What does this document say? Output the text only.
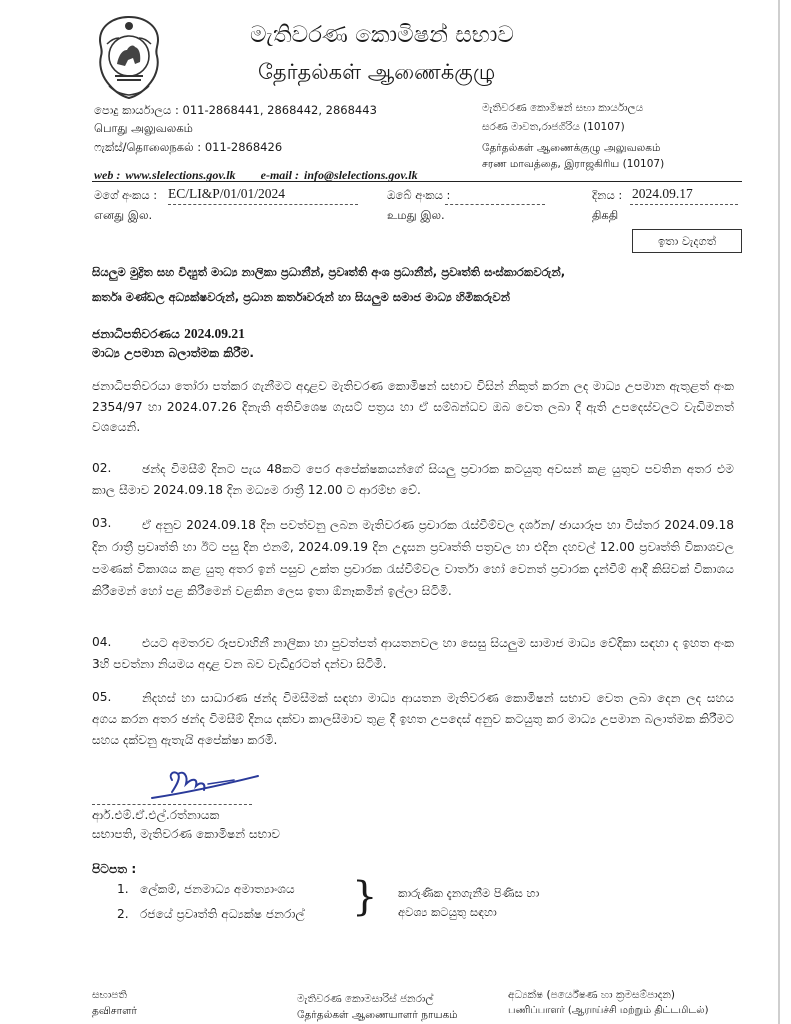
මැතිවරණ කොමිෂන් සභාව
தேர்தல்கள் ஆணைக்குழு
පොදු කාර්යාලය : 011-2868441, 2868442, 2868443
பொது அலுவலகம்
ෆැක්ස්/தொலைநகல் : 011-2868426
web : www.slelections.gov.lk e-mail : info@slelections.gov.lk
මැතිවරණ කොමිෂන් සභා කාර්යාලය
සරණ මාවත,රාජගිරිය (10107)
தேர்தல்கள் ஆணைக்குழு அலுவலகம்
சரண மாவத்தை, இராஜகிரிய (10107)
මගේ අංකය : EC/LI&P/01/01/2024
எனது இல.
ඔබේ අංකය :
உமது இல.
දිනය : 2024.09.17
திகதி
ඉතා වැදගත්
සියලුම මුද්‍රිත සහ විද්‍යුත් මාධ්‍ය නාලිකා ප්‍රධානීන්, ප්‍රවෘත්ති අංශ ප්‍රධානීන්, ප්‍රවෘත්ති සංස්කාරකවරුන්,
කර්තෘ මණ්ඩල අධ්‍යක්ෂවරුන්, ප්‍රධාන කර්තෘවරුන් හා සියලුම සමාජ මාධ්‍ය හිමිකරුවන්
ජනාධිපතිවරණය 2024.09.21
මාධ්‍ය උපමාන බලාත්මක කිරීම.
ජනාධිපතිවරයා තෝරා පත්කර ගැනීමට අදාළව මැතිවරණ කොමිෂන් සභාව විසින් නිකුත් කරන ලද මාධ්‍ය උපමාන ඇතුළත් අංක 2354/97 හා 2024.07.26 දිනැති අතිවිශෙෂ ගැසට් පත්‍රය හා ඒ සම්බන්ධව ඔබ වෙත ලබා දී ඇති උපදෙස්වලට වැඩිමනත් වශයෙනි.
02.	ඡන්ද විමසීම් දිනට පැය 48කට පෙර අපේක්ෂකයන්ගේ සියලු ප්‍රචාරක කටයුතු අවසන් කළ යුතුව පවතින අතර එම කාල සීමාව 2024.09.18 දින මධ්‍යම රාත්‍රී 12.00 ට ආරම්භ වේ.
03.	ඒ අනුව 2024.09.18 දින පවත්වනු ලබන මැතිවරණ ප්‍රචාරක රැස්වීම්වල දර්ශන/ ඡායාරූප හා විස්තර 2024.09.18 දින රාත්‍රී ප්‍රවෘත්ති හා ඊට පසු දින එනම්, 2024.09.19 දින උදෑසන ප්‍රවෘත්ති පත්‍රවල හා එදින දහවල් 12.00 ප්‍රවෘත්ති විකාශවල පමණක් විකාශය කළ යුතු අතර ඉන් පසුව උක්ත ප්‍රචාරක රැස්වීම්වල වාර්තා හෝ වෙනත් ප්‍රචාරක දැන්වීම් ආදී කිසිවක් විකාශය කිරීමෙන් හෝ පළ කිරීමෙන් වළකින ලෙස ඉතා ඕනෑකමින් ඉල්ලා සිටිමි.
04.	එයට අමතරව රූපවාහිනී නාලිකා හා පුවත්පත් ආයතනවල හා සෙසු සියලුම සාමාජ මාධ්‍ය වේදිකා සඳහා ද ඉහත අංක 3හි පවත්නා නියමය අදාළ වන බව වැඩිදුරටත් දන්වා සිටිමි.
05.	නිදහස් හා සාධාරණ ඡන්ද විමසීමක් සඳහා මාධ්‍ය ආයතන මැතිවරණ කොමිෂන් සභාව වෙත ලබා දෙන ලද සහය අගය කරන අතර ඡන්ද විමසීම් දිනය දක්වා කාලසීමාව තුළ දී ඉහත උපදෙස් අනුව කටයුතු කර මාධ්‍ය උපමාන බලාත්මක කිරීමට සහය දක්වනු ඇතැයි අපේක්ෂා කරමි.
ආර්.එම්.ඒ.එල්.රත්නායක
සභාපති, මැතිවරණ කොමිෂන් සභාව
පිටපත :
1. ලේකම්, ජනමාධ්‍ය අමාත්‍යාංශය
2. රජයේ ප්‍රවෘත්ති අධ්‍යක්ෂ ජනරාල් } කාරුණික දැනගැනීම පිණිස හා
අවශ්‍ය කටයුතු සඳහා
සභාපති
தவிசாளர்
මැතිවරණ කොමසාරිස් ජනරාල්
தேர்தல்கள் ஆணையாளர் நாயகம்
අධ්‍යක්ෂ (පර්යේෂණ හා ක්‍රමසම්පාදන)
பணிப்பாளர் (ஆராய்ச்சி மற்றும் திட்டமிடல்)
